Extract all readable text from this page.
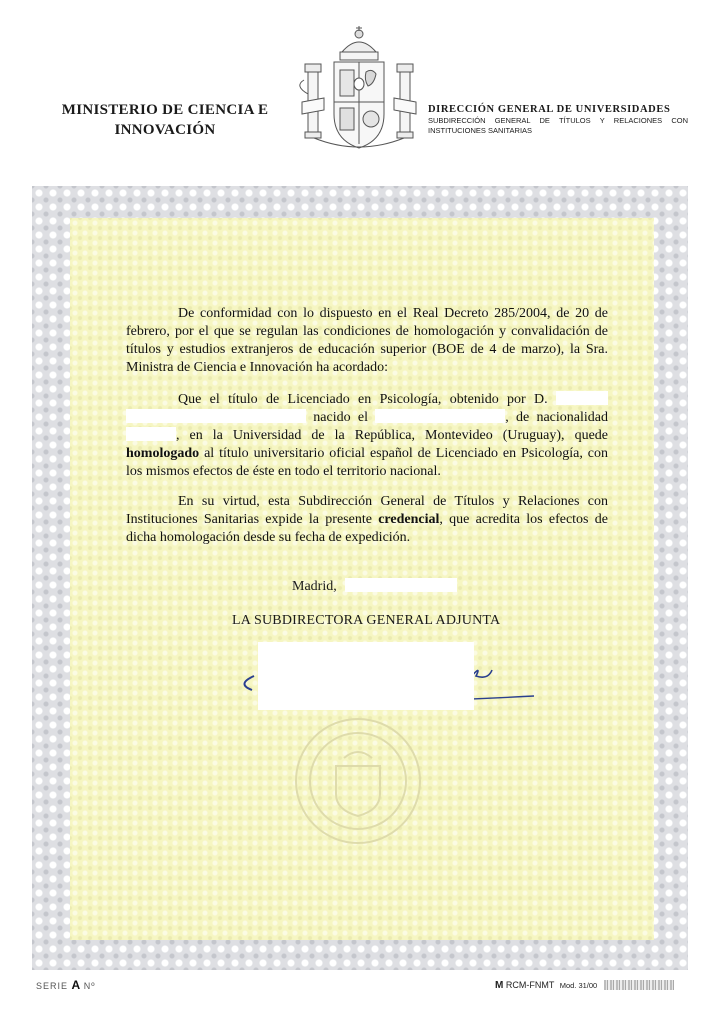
MINISTERIO DE CIENCIA E
INNOVACIÓN
DIRECCIÓN GENERAL DE UNIVERSIDADES
SUBDIRECCIÓN GENERAL DE TÍTULOS Y RELACIONES CON INSTITUCIONES SANITARIAS
De conformidad con lo dispuesto en el Real Decreto 285/2004, de 20 de febrero, por el que se regulan las condiciones de homologación y convalidación de títulos y estudios extranjeros de educación superior (BOE de 4 de marzo), la Sra. Ministra de Ciencia e Innovación ha acordado:
Que el título de Licenciado en Psicología, obtenido por D.   nacido el	, de nacionalidad , en la Universidad de la República, Montevideo (Uruguay), quede homologado al título universitario oficial español de Licenciado en Psicología, con los mismos efectos de éste en todo el territorio nacional.
En su virtud, esta Subdirección General de Títulos y Relaciones con Instituciones Sanitarias expide la presente credencial, que acredita los efectos de dicha homologación desde su fecha de expedición.
Madrid,
LA SUBDIRECTORA GENERAL ADJUNTA
SERIE A Nº	M RCM-FNMT Mod. 31/00
